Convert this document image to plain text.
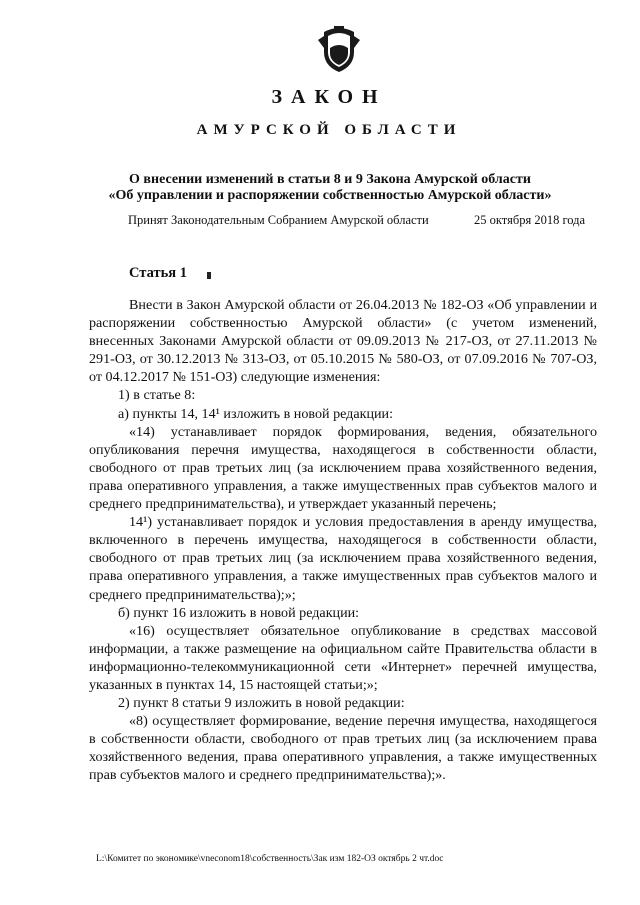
ЗАКОН
АМУРСКОЙ ОБЛАСТИ
О внесении изменений в статьи 8 и 9 Закона Амурской области
«Об управлении и распоряжении собственностью Амурской области»
Принят Законодательным Собранием Амурской области	25 октября 2018 года
Статья 1

Внести в Закон Амурской области от 26.04.2013 № 182-ОЗ «Об управлении и распоряжении собственностью Амурской области» (с учетом изменений, внесенных Законами Амурской области от 09.09.2013 № 217-ОЗ, от 27.11.2013 № 291-ОЗ, от 30.12.2013 № 313-ОЗ, от 05.10.2015 № 580-ОЗ, от 07.09.2016 № 707-ОЗ, от 04.12.2017 № 151-ОЗ) следующие изменения:

1) в статье 8:

а) пункты 14, 14¹ изложить в новой редакции:

«14) устанавливает порядок формирования, ведения, обязательного опубликования перечня имущества, находящегося в собственности области, свободного от прав третьих лиц (за исключением права хозяйственного ведения, права оперативного управления, а также имущественных прав субъектов малого и среднего предпринимательства), и утверждает указанный перечень;

14¹) устанавливает порядок и условия предоставления в аренду имущества, включенного в перечень имущества, находящегося в собственности области, свободного от прав третьих лиц (за исключением права хозяйственного ведения, права оперативного управления, а также имущественных прав субъектов малого и среднего предпринимательства);»;

б) пункт 16 изложить в новой редакции:

«16) осуществляет обязательное опубликование в средствах массовой информации, а также размещение на официальном сайте Правительства области в информационно-телекоммуникационной сети «Интернет» перечней имущества, указанных в пунктах 14, 15 настоящей статьи;»;

2) пункт 8 статьи 9 изложить в новой редакции:

«8) осуществляет формирование, ведение перечня имущества, находящегося в собственности области, свободного от прав третьих лиц (за исключением права хозяйственного ведения, права оперативного управления, а также имущественных прав субъектов малого и среднего предпринимательства);».

L:\Комитет по экономике\vneconom18\собственность\Зак изм 182-ОЗ октябрь 2 чт.doc
